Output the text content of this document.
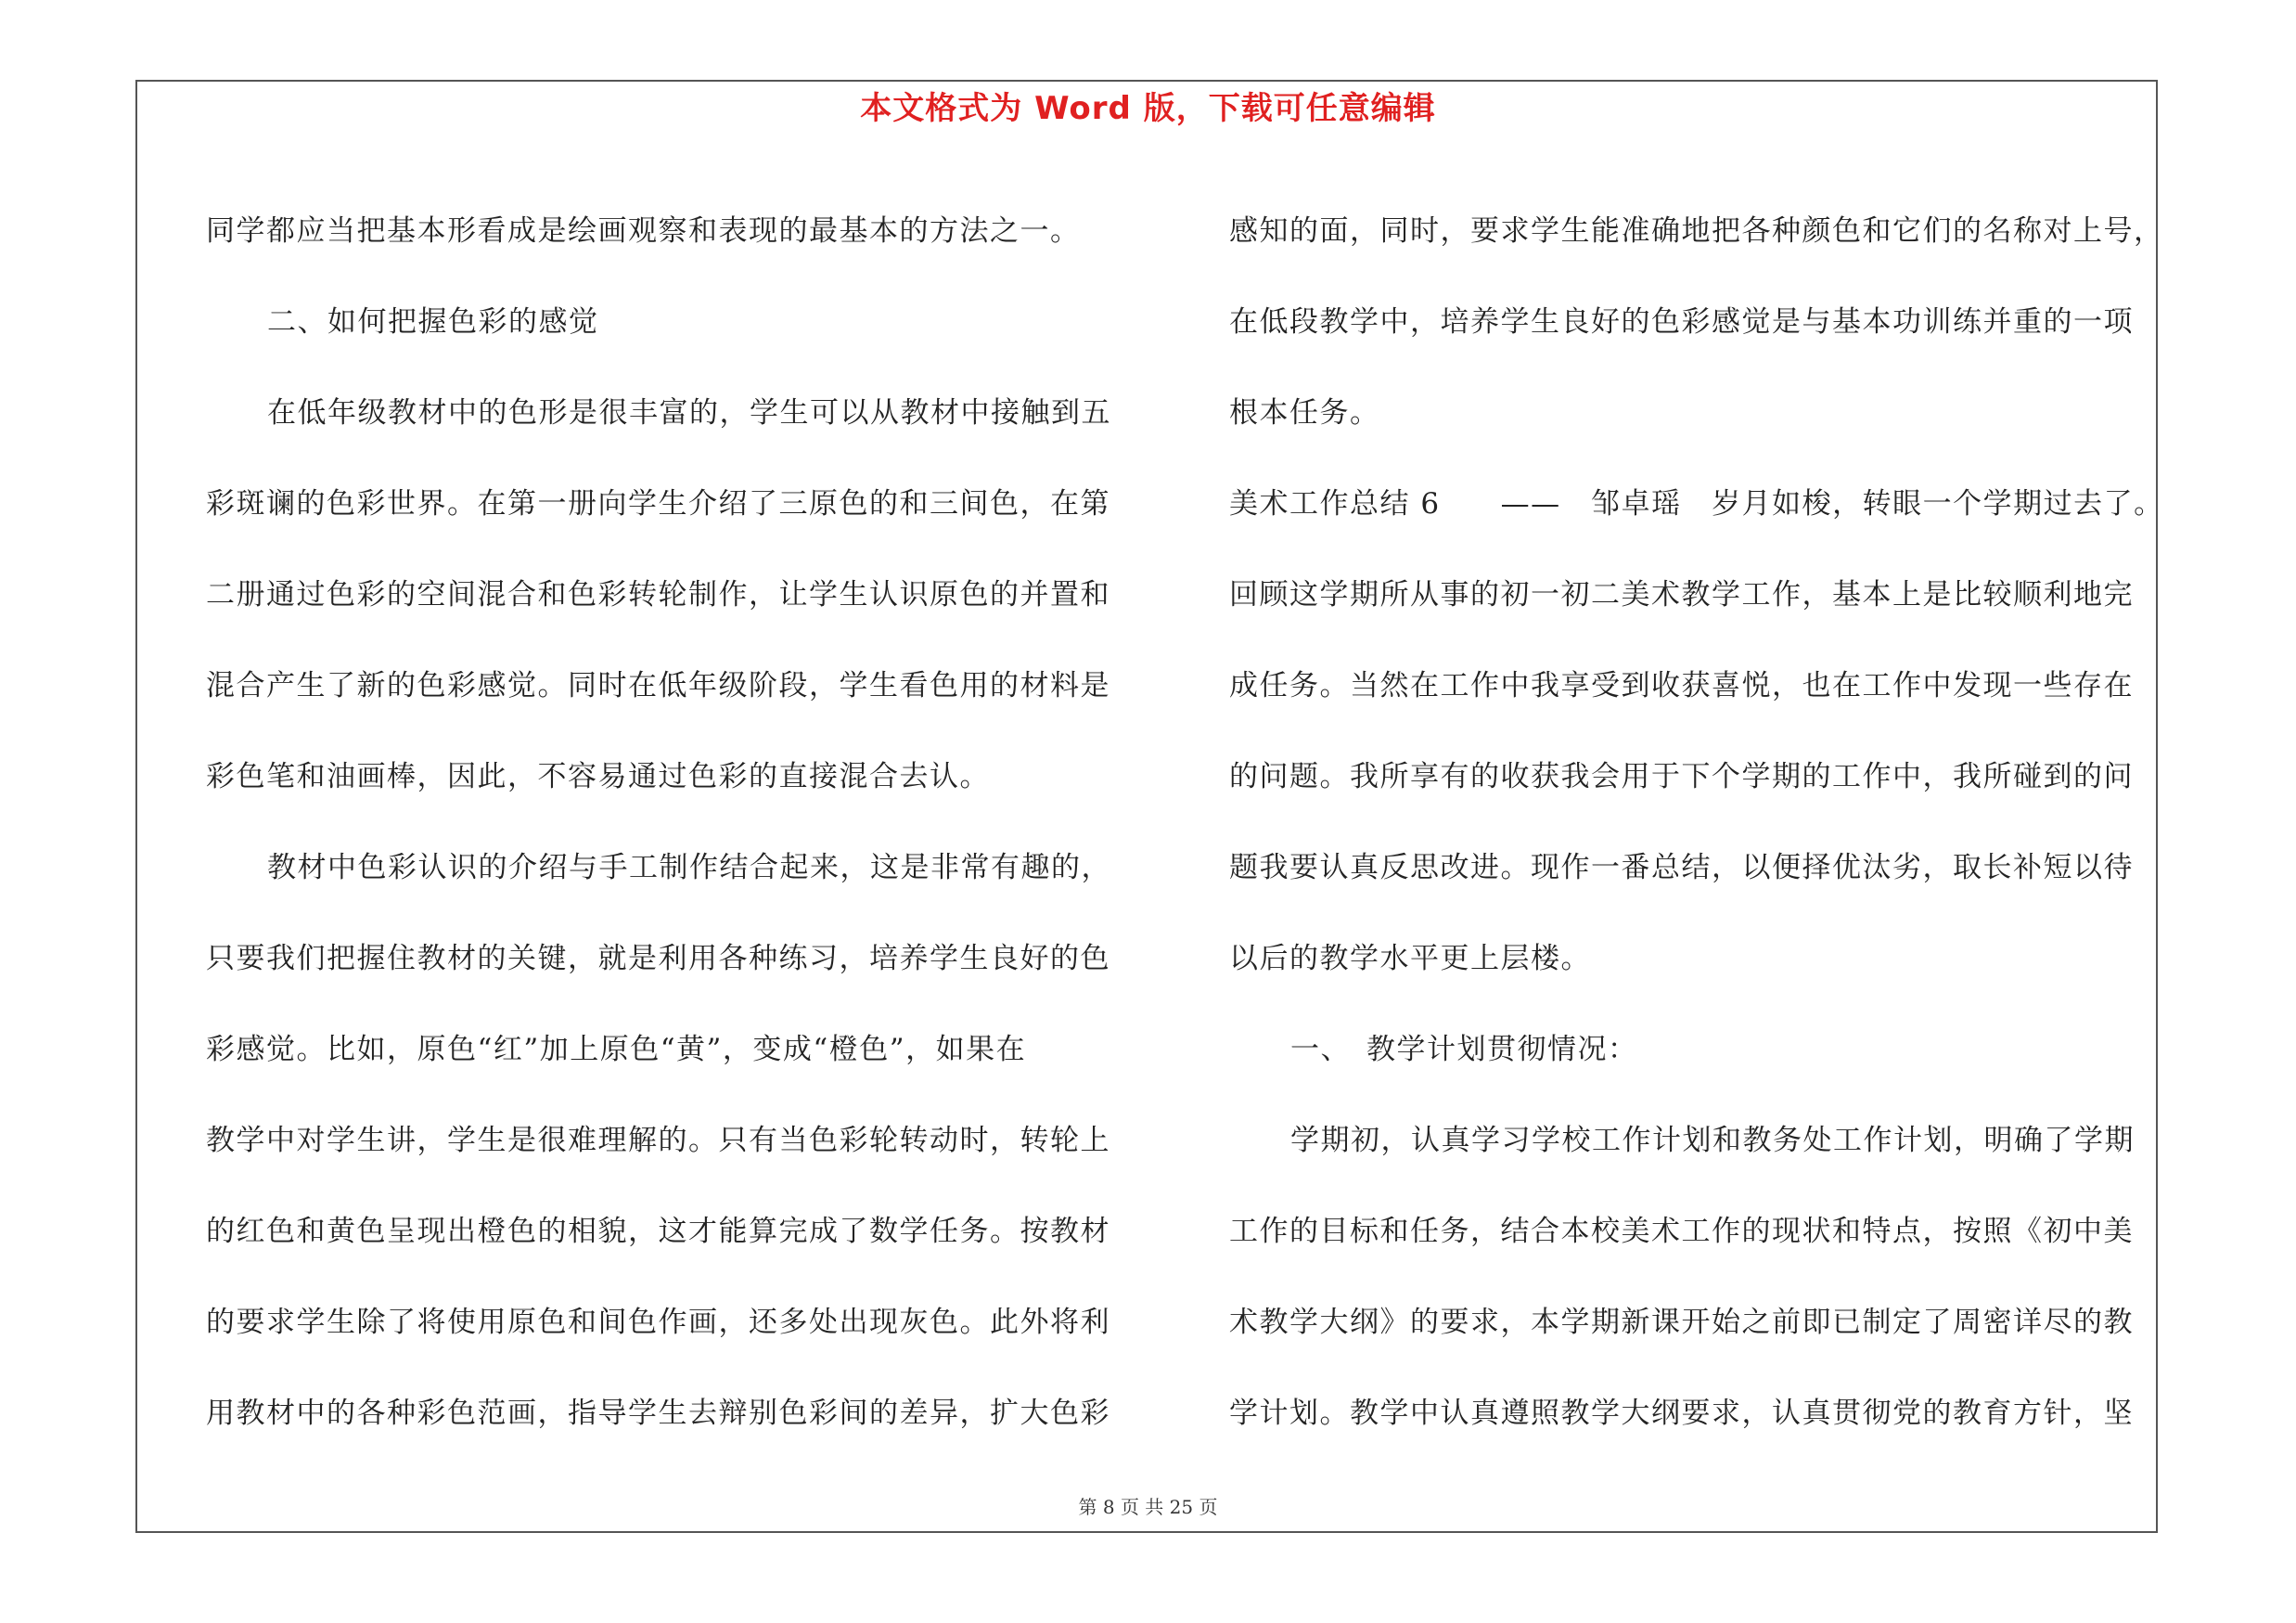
本文格式为 Word 版，下载可任意编辑
同学都应当把基本形看成是绘画观察和表现的最基本的方法之一。
二、如何把握色彩的感觉
在低年级教材中的色形是很丰富的，学生可以从教材中接触到五
彩斑谰的色彩世界。在第一册向学生介绍了三原色的和三间色，在第
二册通过色彩的空间混合和色彩转轮制作，让学生认识原色的并置和
混合产生了新的色彩感觉。同时在低年级阶段，学生看色用的材料是
彩色笔和油画棒，因此，不容易通过色彩的直接混合去认。
教材中色彩认识的介绍与手工制作结合起来，这是非常有趣的，
只要我们把握住教材的关键，就是利用各种练习，培养学生良好的色
彩感觉。比如，原色“红”加上原色“黄”，变成“橙色”，如果在
教学中对学生讲，学生是很难理解的。只有当色彩轮转动时，转轮上
的红色和黄色呈现出橙色的相貌，这才能算完成了数学任务。按教材
的要求学生除了将使用原色和间色作画，还多处出现灰色。此外将利
用教材中的各种彩色范画，指导学生去辩别色彩间的差异，扩大色彩
感知的面，同时，要求学生能准确地把各种颜色和它们的名称对上号，
在低段教学中，培养学生良好的色彩感觉是与基本功训练并重的一项
根本任务。
美术工作总结 6　　——　邹卓瑶　岁月如梭，转眼一个学期过去了。
回顾这学期所从事的初一初二美术教学工作，基本上是比较顺利地完
成任务。当然在工作中我享受到收获喜悦，也在工作中发现一些存在
的问题。我所享有的收获我会用于下个学期的工作中，我所碰到的问
题我要认真反思改进。现作一番总结，以便择优汰劣，取长补短以待
以后的教学水平更上层楼。
一、　教学计划贯彻情况：
学期初，认真学习学校工作计划和教务处工作计划，明确了学期
工作的目标和任务，结合本校美术工作的现状和特点，按照《初中美
术教学大纲》的要求，本学期新课开始之前即已制定了周密详尽的教
学计划。教学中认真遵照教学大纲要求，认真贯彻党的教育方针，坚
第 8 页 共 25 页
